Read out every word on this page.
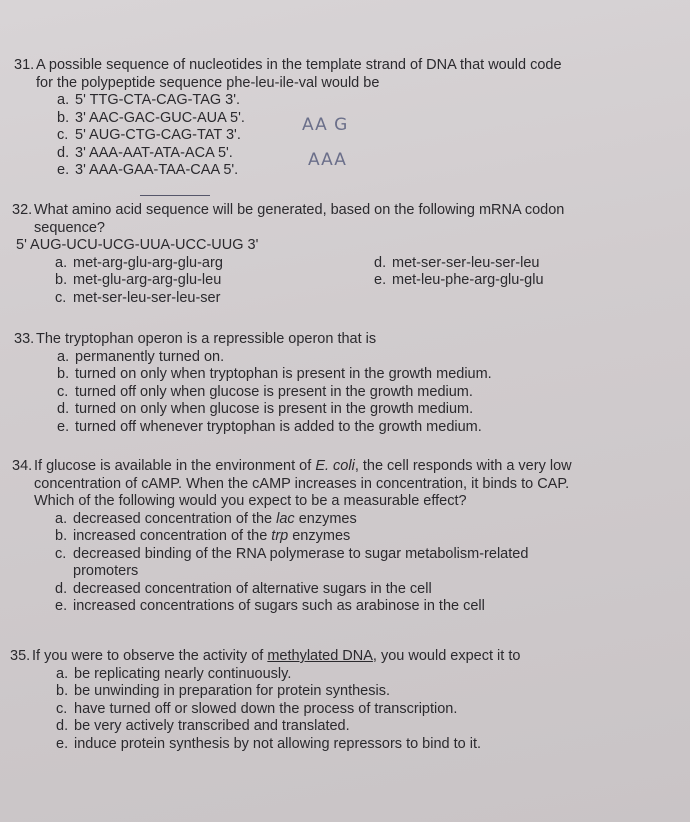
31. A possible sequence of nucleotides in the template strand of DNA that would code
for the polypeptide sequence phe-leu-ile-val would be
a. 5' TTG-CTA-CAG-TAG 3'.
b. 3' AAC-GAC-GUC-AUA 5'.
c. 5' AUG-CTG-CAG-TAT 3'.
d. 3' AAA-AAT-ATA-ACA 5'.
e. 3' AAA-GAA-TAA-CAA 5'.
AA G
AAA
32. What amino acid sequence will be generated, based on the following mRNA codon
sequence?
5' AUG-UCU-UCG-UUA-UCC-UUG 3'
a. met-arg-glu-arg-glu-arg
b. met-glu-arg-arg-glu-leu
c. met-ser-leu-ser-leu-ser
d. met-ser-ser-leu-ser-leu
e. met-leu-phe-arg-glu-glu
33. The tryptophan operon is a repressible operon that is
a. permanently turned on.
b. turned on only when tryptophan is present in the growth medium.
c. turned off only when glucose is present in the growth medium.
d. turned on only when glucose is present in the growth medium.
e. turned off whenever tryptophan is added to the growth medium.
34. If glucose is available in the environment of E. coli, the cell responds with a very low
concentration of cAMP. When the cAMP increases in concentration, it binds to CAP.
Which of the following would you expect to be a measurable effect?
a. decreased concentration of the lac enzymes
b. increased concentration of the trp enzymes
c. decreased binding of the RNA polymerase to sugar metabolism-related
promoters
d. decreased concentration of alternative sugars in the cell
e. increased concentrations of sugars such as arabinose in the cell
35. If you were to observe the activity of methylated DNA, you would expect it to
a. be replicating nearly continuously.
b. be unwinding in preparation for protein synthesis.
c. have turned off or slowed down the process of transcription.
d. be very actively transcribed and translated.
e. induce protein synthesis by not allowing repressors to bind to it.
